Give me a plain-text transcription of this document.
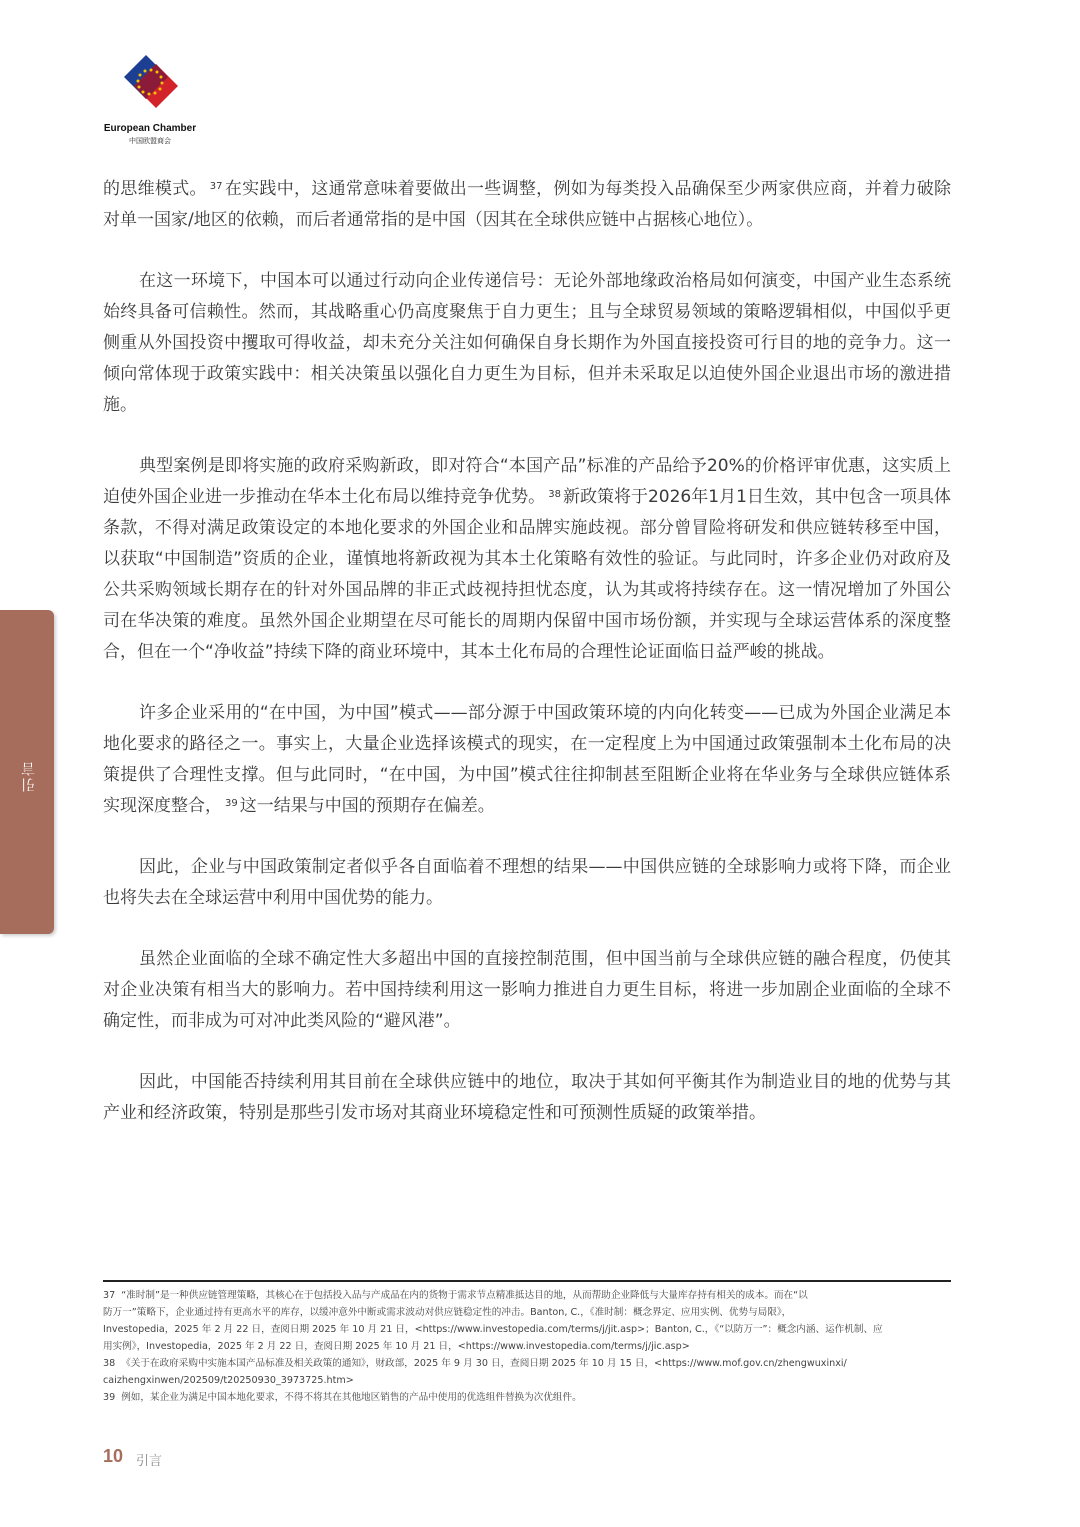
European Chamber
中国欧盟商会
引言

的思维模式。 $^{37}$ 在实践中，这通常意味着要做出一些调整，例如为每类投入品确保至少两家供应商，并着力破除对单一国家/地区的依赖，而后者通常指的是中国（因其在全球供应链中占据核心地位）。

在这一环境下，中国本可以通过行动向企业传递信号：无论外部地缘政治格局如何演变，中国产业生态系统始终具备可信赖性。然而，其战略重心仍高度聚焦于自力更生；且与全球贸易领域的策略逻辑相似，中国似乎更侧重从外国投资中攫取可得收益，却未充分关注如何确保自身长期作为外国直接投资可行目的地的竞争力。这一倾向常体现于政策实践中：相关决策虽以强化自力更生为目标，但并未采取足以迫使外国企业退出市场的激进措施。

典型案例是即将实施的政府采购新政，即对符合“本国产品”标准的产品给予20%的价格评审优惠，这实质上迫使外国企业进一步推动在华本土化布局以维持竞争优势。 $^{38}$ 新政策将于2026年1月1日生效，其中包含一项具体条款，不得对满足政策设定的本地化要求的外国企业和品牌实施歧视。部分曾冒险将研发和供应链转移至中国，以获取“中国制造”资质的企业，谨慎地将新政视为其本土化策略有效性的验证。与此同时，许多企业仍对政府及公共采购领域长期存在的针对外国品牌的非正式歧视持担忧态度，认为其或将持续存在。这一情况增加了外国公司在华决策的难度。虽然外国企业期望在尽可能长的周期内保留中国市场份额，并实现与全球运营体系的深度整合，但在一个“净收益”持续下降的商业环境中，其本土化布局的合理性论证面临日益严峻的挑战。

许多企业采用的“在中国，为中国”模式——部分源于中国政策环境的内向化转变——已成为外国企业满足本地化要求的路径之一。事实上，大量企业选择该模式的现实，在一定程度上为中国通过政策强制本土化布局的决策提供了合理性支撑。但与此同时，“在中国，为中国”模式往往抑制甚至阻断企业将在华业务与全球供应链体系实现深度整合， $^{39}$ 这一结果与中国的预期存在偏差。

因此，企业与中国政策制定者似乎各自面临着不理想的结果——中国供应链的全球影响力或将下降，而企业也将失去在全球运营中利用中国优势的能力。

虽然企业面临的全球不确定性大多超出中国的直接控制范围，但中国当前与全球供应链的融合程度，仍使其对企业决策有相当大的影响力。若中国持续利用这一影响力推进自力更生目标，将进一步加剧企业面临的全球不确定性，而非成为可对冲此类风险的“避风港”。

因此，中国能否持续利用其目前在全球供应链中的地位，取决于其如何平衡其作为制造业目的地的优势与其产业和经济政策，特别是那些引发市场对其商业环境稳定性和可预测性质疑的政策举措。

37 “准时制”是一种供应链管理策略，其核心在于包括投入品与产成品在内的货物于需求节点精准抵达目的地，从而帮助企业降低与大量库存持有相关的成本。而在“以

防万一”策略下，企业通过持有更高水平的库存，以缓冲意外中断或需求波动对供应链稳定性的冲击。Banton, C.，《准时制：概念界定、应用实例、优势与局限》，

Investopedia，2025 年 2 月 22 日，查阅日期 2025 年 10 月 21 日，<https://www.investopedia.com/terms/j/jit.asp>；Banton, C.，《“以防万一”：概念内涵、运作机制、应

用实例》，Investopedia，2025 年 2 月 22 日，查阅日期 2025 年 10 月 21 日，<https://www.investopedia.com/terms/j/jic.asp>

38 《关于在政府采购中实施本国产品标准及相关政策的通知》，财政部，2025 年 9 月 30 日，查阅日期 2025 年 10 月 15 日，<https://www.mof.gov.cn/zhengwuxinxi/

caizhengxinwen/202509/t20250930_3973725.htm>

39 例如，某企业为满足中国本地化要求，不得不将其在其他地区销售的产品中使用的优选组件替换为次优组件。

10 引言
